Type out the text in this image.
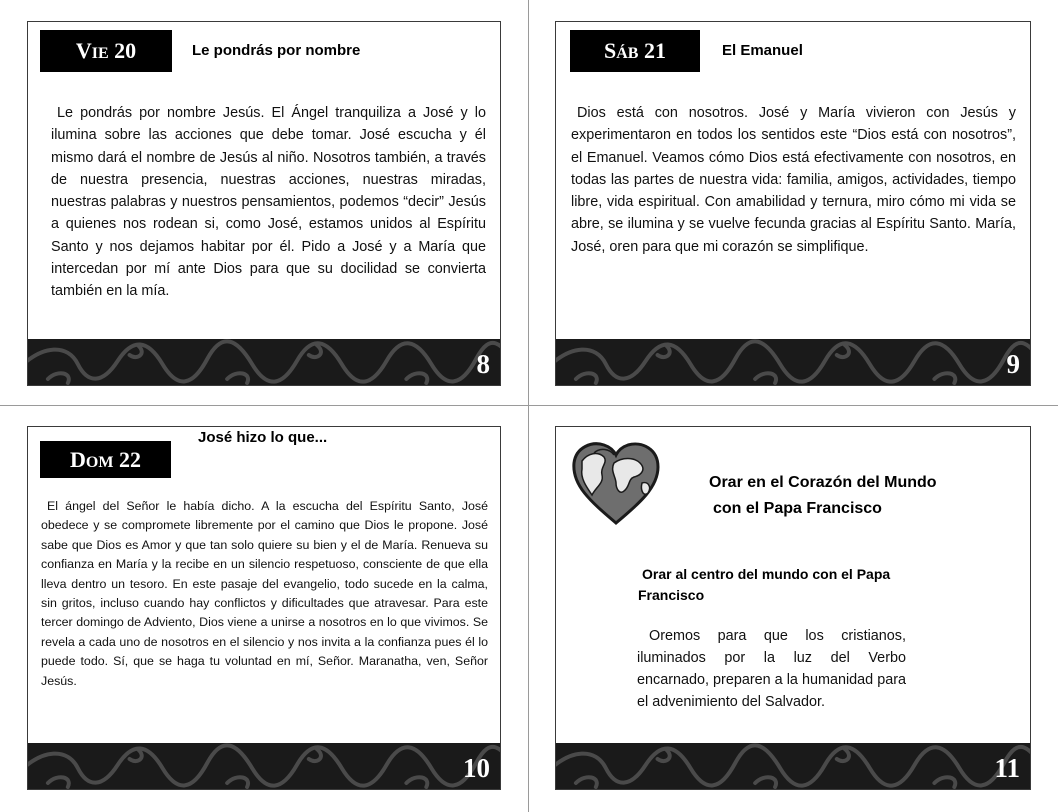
VIE 20	Le pondrás por nombre

Le pondrás por nombre Jesús. El Ángel tranquiliza a José y lo ilumina sobre las acciones que debe tomar. José escucha y él mismo dará el nombre de Jesús al niño. Nosotros también, a través de nuestra presencia, nuestras acciones, nuestras miradas, nuestras palabras y nuestros pensamientos, podemos “decir” Jesús a quienes nos rodean si, como José, estamos unidos al Espíritu Santo y nos dejamos habitar por él. Pido a José y a María que intercedan por mí ante Dios para que su docilidad se convierta también en la mía.

8
SÁB 21	El Emanuel

Dios está con nosotros. José y María vivieron con Jesús y experimentaron en todos los sentidos este “Dios está con nosotros”, el Emanuel. Veamos cómo Dios está efectivamente con nosotros, en todas las partes de nuestra vida: familia, amigos, actividades, tiempo libre, vida espiritual. Con amabilidad y ternura, miro cómo mi vida se abre, se ilumina y se vuelve fecunda gracias al Espíritu Santo. María, José, oren para que mi corazón se simplifique.

9
DOM 22
José hizo lo que...

El ángel del Señor le había dicho. A la escucha del Espíritu Santo, José obedece y se compromete libremente por el camino que Dios le propone. José sabe que Dios es Amor y que tan solo quiere su bien y el de María. Renueva su confianza en María y la recibe en un silencio respetuoso, consciente de que ella lleva dentro un tesoro. En este pasaje del evangelio, todo sucede en la calma, sin gritos, incluso cuando hay conflictos y dificultades que atravesar. Para este tercer domingo de Adviento, Dios viene a unirse a nosotros en lo que vivimos. Se revela a cada uno de nosotros en el silencio y nos invita a la confianza pues él lo puede todo. Sí, que se haga tu voluntad en mí, Señor. Maranatha, ven, Señor Jesús.

10
Orar en el Corazón del Mundo
con el Papa Francisco

Orar al centro del mundo con el Papa Francisco

Oremos para que los cristianos, iluminados por la luz del Verbo encarnado, preparen a la humanidad para el advenimiento del Salvador.

11
